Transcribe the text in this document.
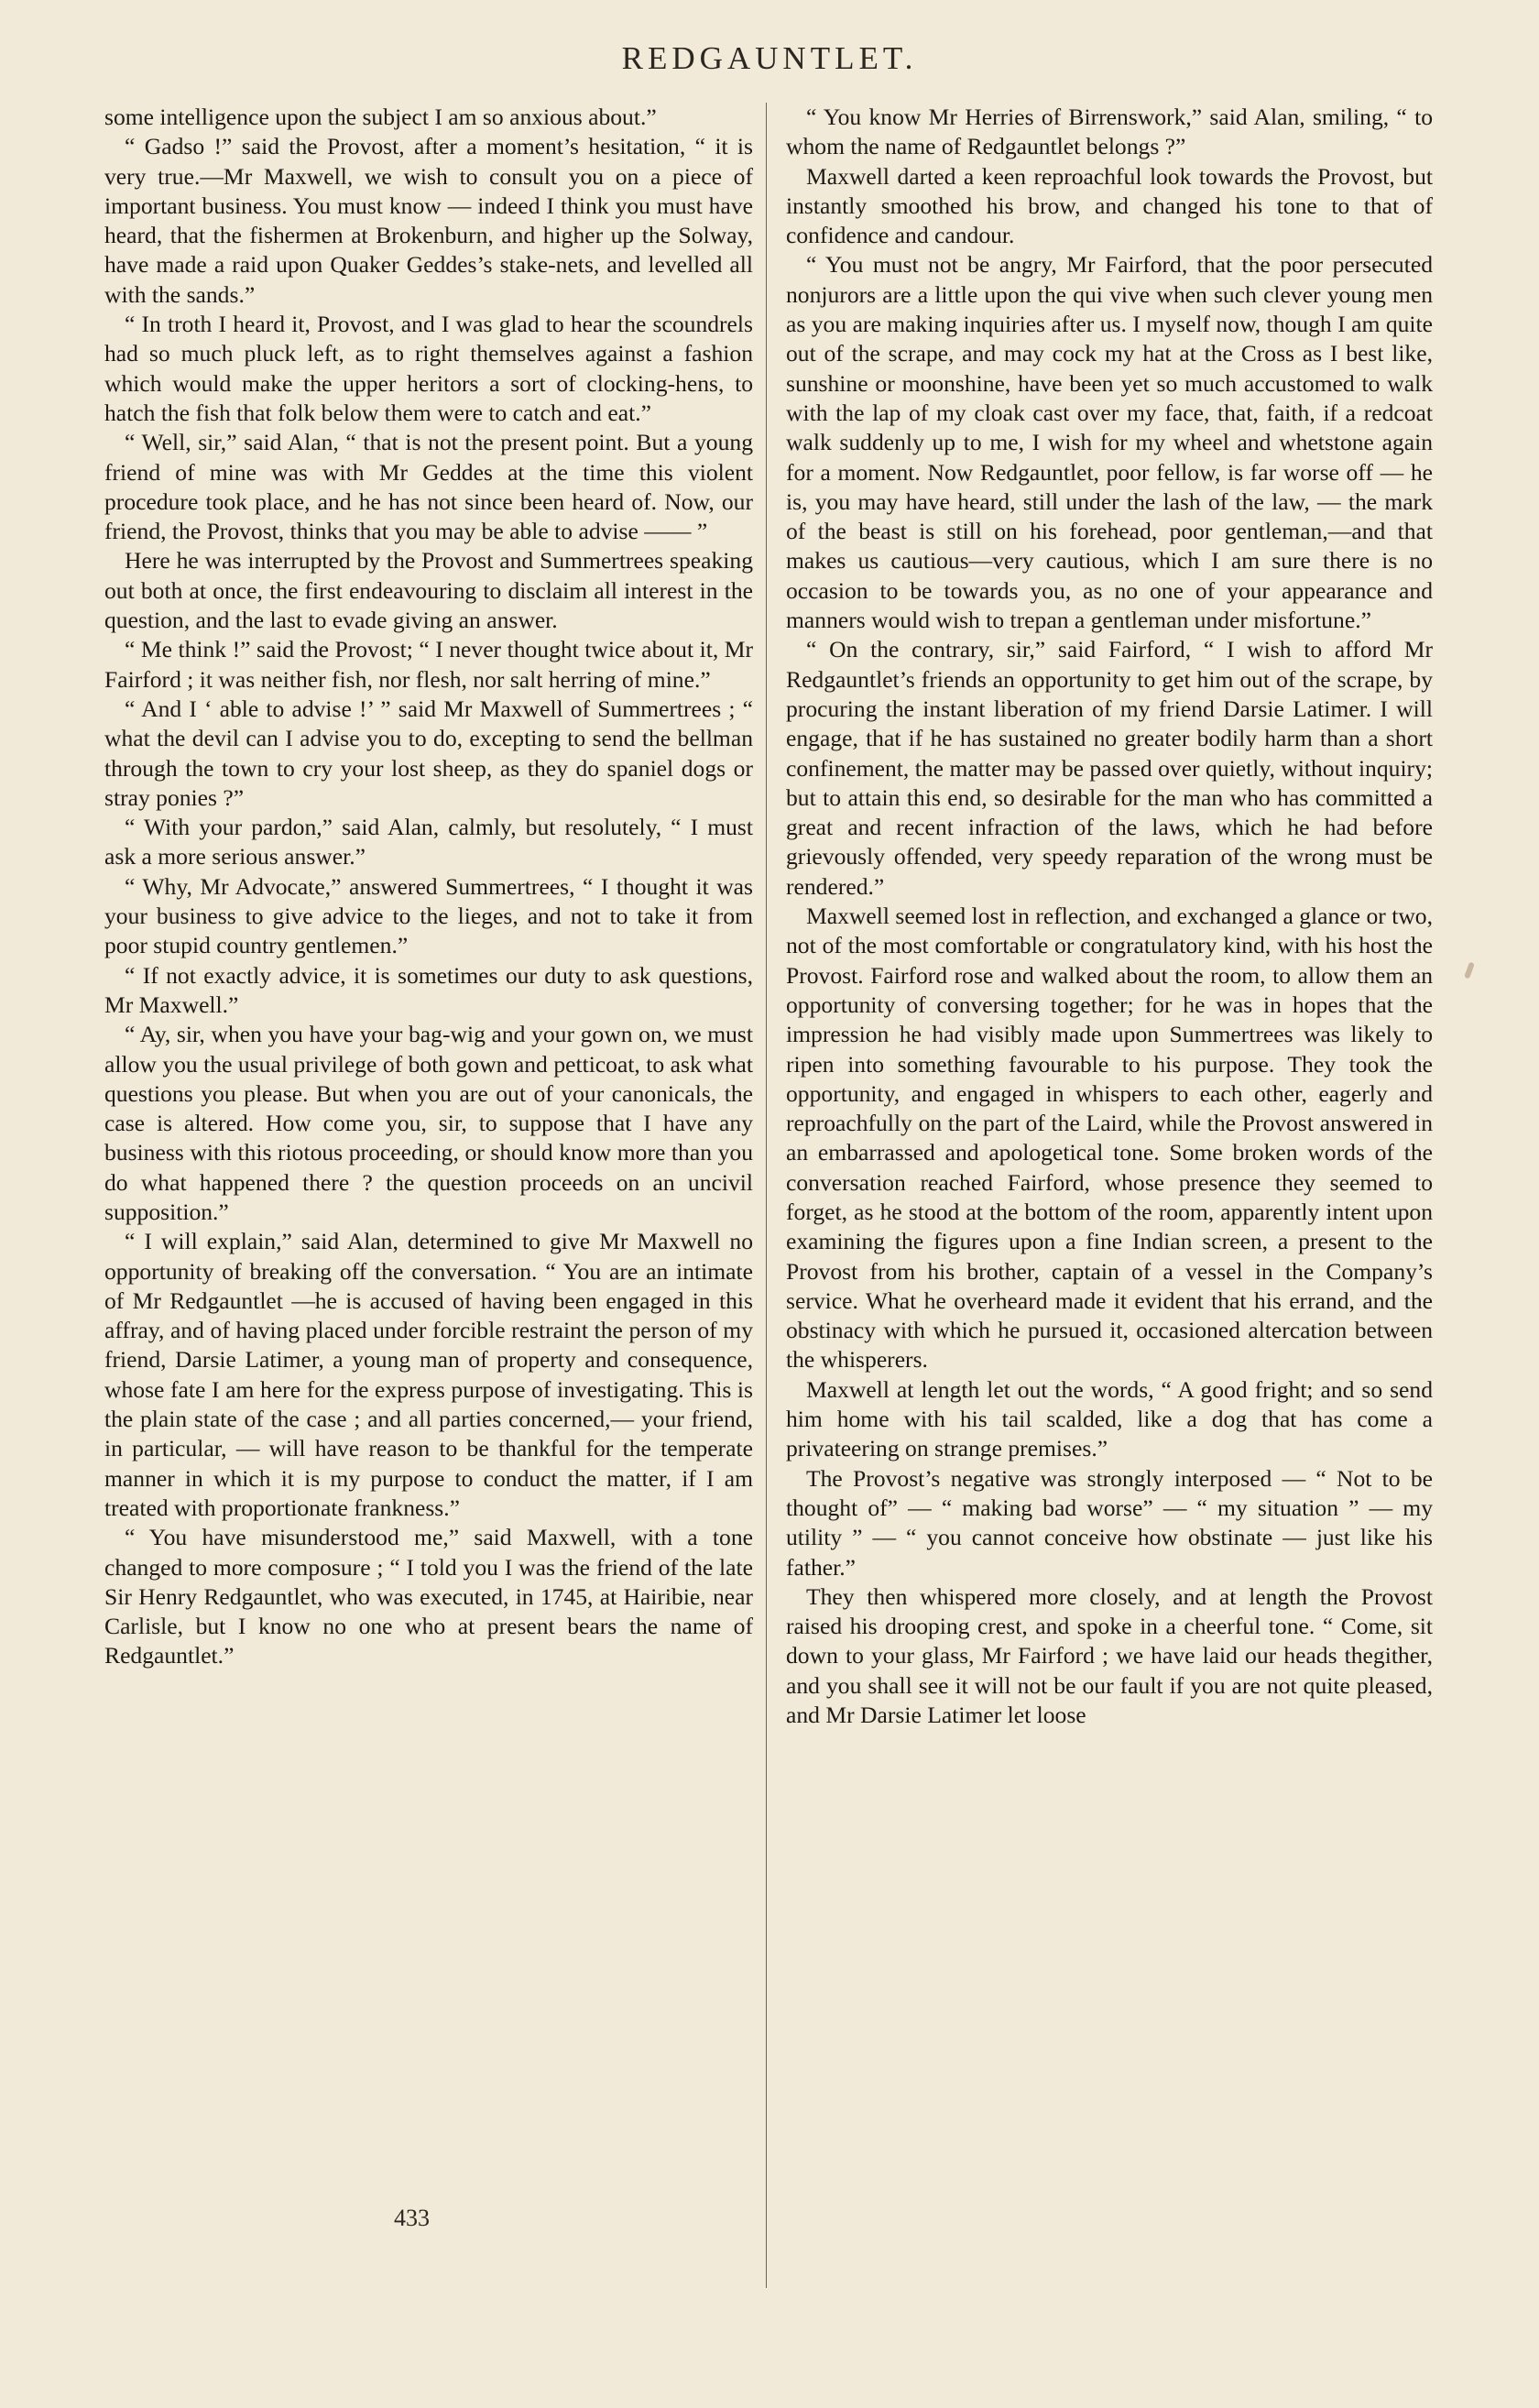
REDGAUNTLET.

some intelligence upon the subject I am so anxious about.”

“ Gadso !” said the Provost, after a moment’s hesitation, “ it is very true.—Mr Maxwell, we wish to consult you on a piece of important business. You must know — indeed I think you must have heard, that the fishermen at Brokenburn, and higher up the Solway, have made a raid upon Quaker Geddes’s stake-nets, and levelled all with the sands.”

“ In troth I heard it, Provost, and I was glad to hear the scoundrels had so much pluck left, as to right themselves against a fashion which would make the upper heritors a sort of clocking-hens, to hatch the fish that folk below them were to catch and eat.”

“ Well, sir,” said Alan, “ that is not the present point. But a young friend of mine was with Mr Geddes at the time this violent procedure took place, and he has not since been heard of. Now, our friend, the Provost, thinks that you may be able to advise —— ”

Here he was interrupted by the Provost and Summertrees speaking out both at once, the first endeavouring to disclaim all interest in the question, and the last to evade giving an answer.

“ Me think !” said the Provost; “ I never thought twice about it, Mr Fairford ; it was neither fish, nor flesh, nor salt herring of mine.”

“ And I ‘ able to advise !’ ” said Mr Maxwell of Summertrees ; “ what the devil can I advise you to do, excepting to send the bellman through the town to cry your lost sheep, as they do spaniel dogs or stray ponies ?”

“ With your pardon,” said Alan, calmly, but resolutely, “ I must ask a more serious answer.”

“ Why, Mr Advocate,” answered Summertrees, “ I thought it was your business to give advice to the lieges, and not to take it from poor stupid country gentlemen.”

“ If not exactly advice, it is sometimes our duty to ask questions, Mr Maxwell.”

“ Ay, sir, when you have your bag-wig and your gown on, we must allow you the usual privilege of both gown and petticoat, to ask what questions you please. But when you are out of your canonicals, the case is altered. How come you, sir, to suppose that I have any business with this riotous proceeding, or should know more than you do what happened there ? the question proceeds on an uncivil supposition.”

“ I will explain,” said Alan, determined to give Mr Maxwell no opportunity of breaking off the conversation. “ You are an intimate of Mr Redgauntlet —he is accused of having been engaged in this affray, and of having placed under forcible restraint the person of my friend, Darsie Latimer, a young man of property and consequence, whose fate I am here for the express purpose of investigating. This is the plain state of the case ; and all parties concerned,— your friend, in particular, — will have reason to be thankful for the temperate manner in which it is my purpose to conduct the matter, if I am treated with proportionate frankness.”

“ You have misunderstood me,” said Maxwell, with a tone changed to more composure ; “ I told you I was the friend of the late Sir Henry Redgauntlet, who was executed, in 1745, at Hairibie, near Carlisle, but I know no one who at present bears the name of Redgauntlet.”

“ You know Mr Herries of Birrenswork,” said Alan, smiling, “ to whom the name of Redgauntlet belongs ?”

Maxwell darted a keen reproachful look towards the Provost, but instantly smoothed his brow, and changed his tone to that of confidence and candour.

“ You must not be angry, Mr Fairford, that the poor persecuted nonjurors are a little upon the qui vive when such clever young men as you are making inquiries after us. I myself now, though I am quite out of the scrape, and may cock my hat at the Cross as I best like, sunshine or moonshine, have been yet so much accustomed to walk with the lap of my cloak cast over my face, that, faith, if a redcoat walk suddenly up to me, I wish for my wheel and whetstone again for a moment. Now Redgauntlet, poor fellow, is far worse off — he is, you may have heard, still under the lash of the law, — the mark of the beast is still on his forehead, poor gentleman,—and that makes us cautious—very cautious, which I am sure there is no occasion to be towards you, as no one of your appearance and manners would wish to trepan a gentleman under misfortune.”

“ On the contrary, sir,” said Fairford, “ I wish to afford Mr Redgauntlet’s friends an opportunity to get him out of the scrape, by procuring the instant liberation of my friend Darsie Latimer. I will engage, that if he has sustained no greater bodily harm than a short confinement, the matter may be passed over quietly, without inquiry; but to attain this end, so desirable for the man who has committed a great and recent infraction of the laws, which he had before grievously offended, very speedy reparation of the wrong must be rendered.”

Maxwell seemed lost in reflection, and exchanged a glance or two, not of the most comfortable or congratulatory kind, with his host the Provost. Fairford rose and walked about the room, to allow them an opportunity of conversing together; for he was in hopes that the impression he had visibly made upon Summertrees was likely to ripen into something favourable to his purpose. They took the opportunity, and engaged in whispers to each other, eagerly and reproachfully on the part of the Laird, while the Provost answered in an embarrassed and apologetical tone. Some broken words of the conversation reached Fairford, whose presence they seemed to forget, as he stood at the bottom of the room, apparently intent upon examining the figures upon a fine Indian screen, a present to the Provost from his brother, captain of a vessel in the Company’s service. What he overheard made it evident that his errand, and the obstinacy with which he pursued it, occasioned altercation between the whisperers.

Maxwell at length let out the words, “ A good fright; and so send him home with his tail scalded, like a dog that has come a privateering on strange premises.”

The Provost’s negative was strongly interposed — “ Not to be thought of” — “ making bad worse” — “ my situation ” — my utility ” — “ you cannot conceive how obstinate — just like his father.”

They then whispered more closely, and at length the Provost raised his drooping crest, and spoke in a cheerful tone. “ Come, sit down to your glass, Mr Fairford ; we have laid our heads thegither, and you shall see it will not be our fault if you are not quite pleased, and Mr Darsie Latimer let loose

433
